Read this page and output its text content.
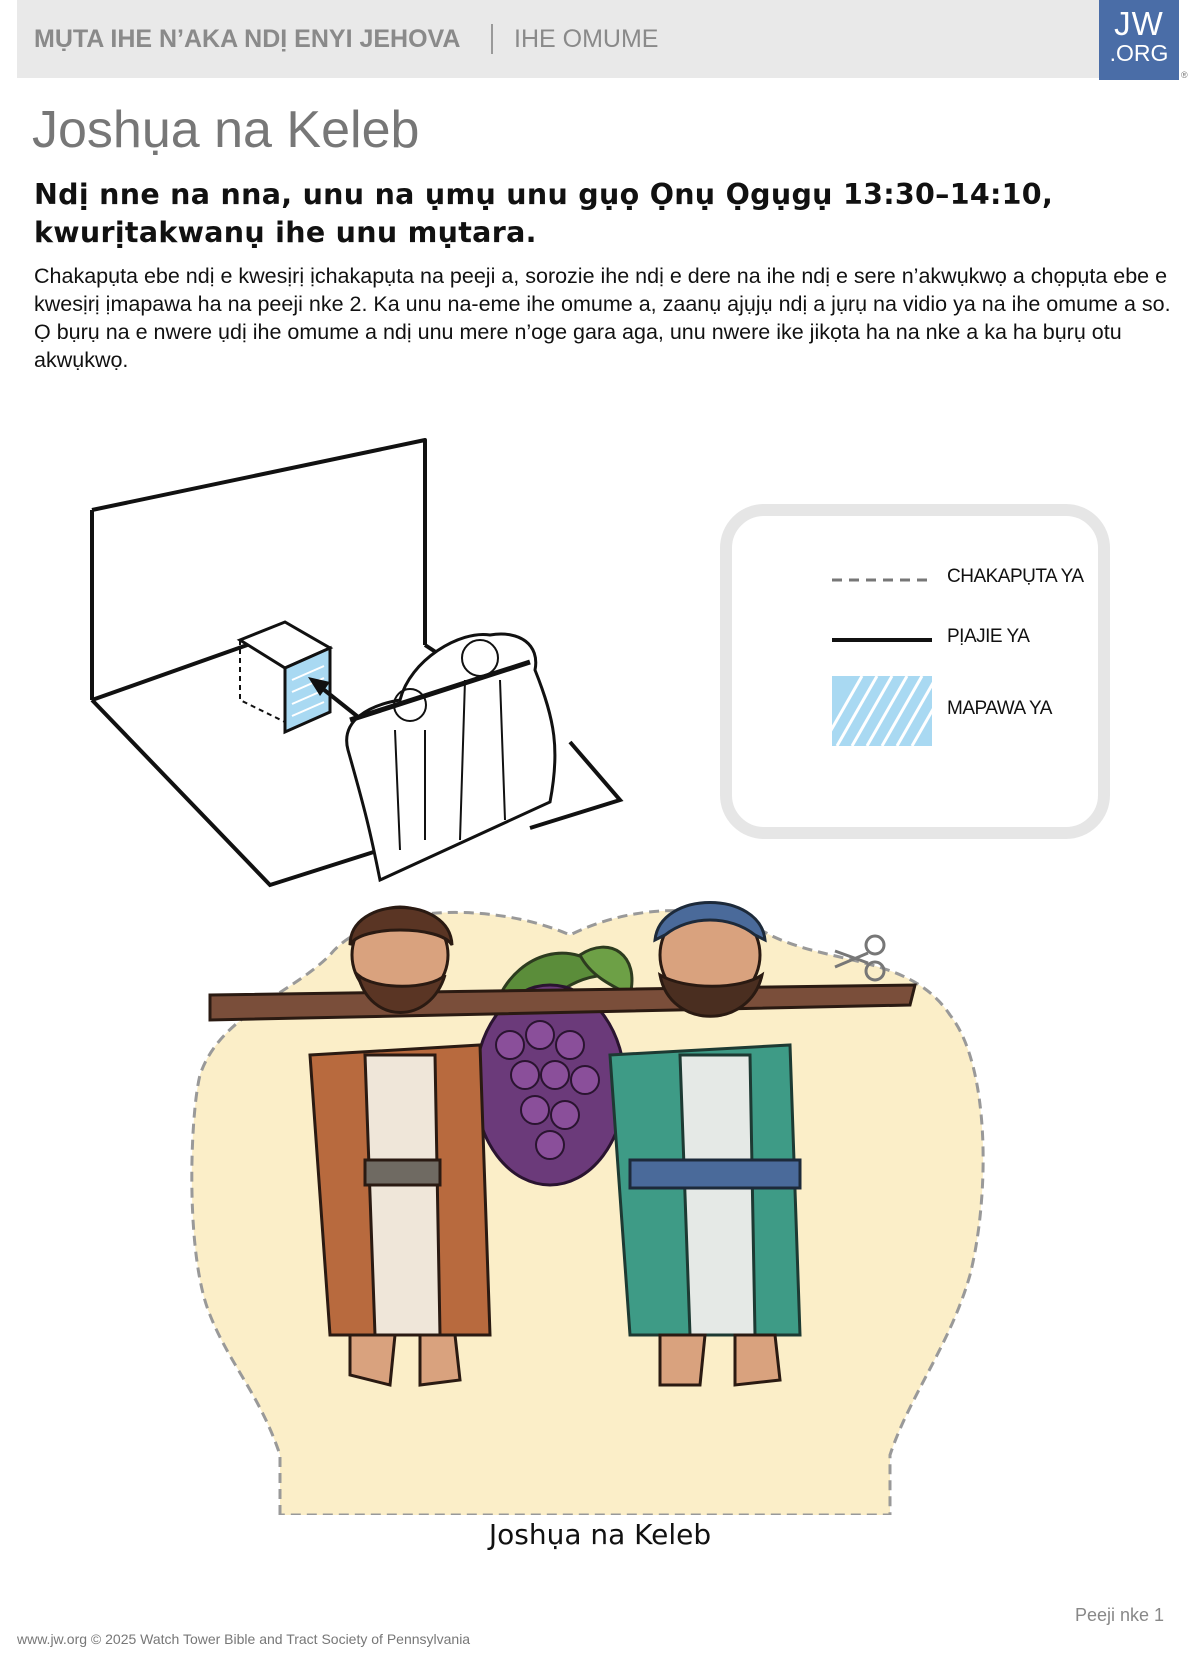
MỤTA IHE N’AKA NDỊ ENYI JEHOVA IHE OMUME	JW
.ORG
®
Joshụa na Keleb

Ndị nne na nna, unu na ụmụ unu gụọ Ọnụ Ọgụgụ 13:30–14:10, kwurịtakwanụ ihe unu mụtara.

Chakapụta ebe ndị e kwesịrị ịchakapụta na peeji a, sorozie ihe ndị e dere na ihe ndị e sere n’akwụkwọ a chọpụta ebe e kwesịrị ịmapawa ha na peeji nke 2. Ka unu na-eme ihe omume a, zaanụ ajụjụ ndị a jụrụ na vidio ya na ihe omume a so. Ọ bụrụ na e nwere ụdị ihe omume a ndị unu mere n’oge gara aga, unu nwere ike jikọta ha na nke a ka ha bụrụ otu akwụkwọ.

CHAKAPỤTA YA
PỊAJIE YA
MAPAWA YA
Joshụa na Keleb
Peeji nke 1
www.jw.org © 2025 Watch Tower Bible and Tract Society of Pennsylvania
